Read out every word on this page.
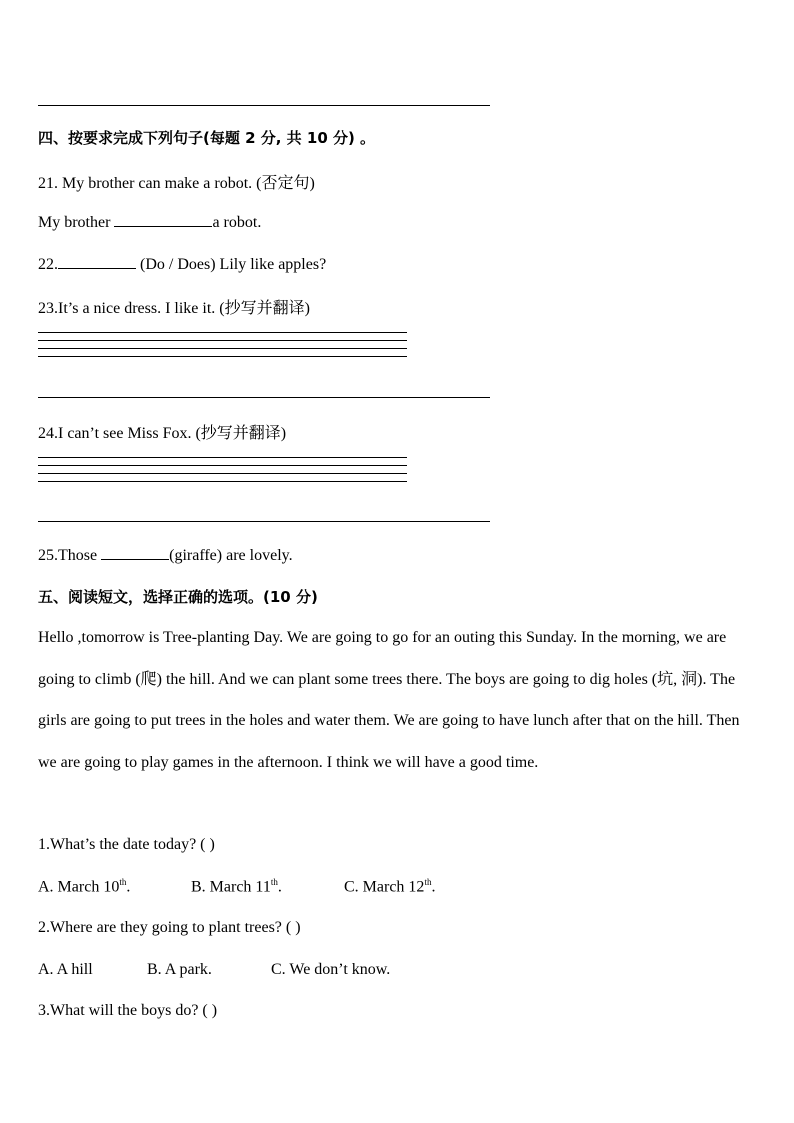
四、按要求完成下列句子(每题 2 分, 共 10 分) 。
21. My brother can make a robot. (否定句)
My brother	a robot.
22.	(Do / Does) Lily like apples?
23.It’s a nice dress. I like it. (抄写并翻译)
24.I can’t see Miss Fox. (抄写并翻译)
25.Those	(giraffe) are lovely.
五、阅读短文，选择正确的选项。(10 分)
Hello ,tomorrow is Tree-planting Day. We are going to go for an outing this Sunday. In the morning, we are going to climb (爬) the hill. And we can plant some trees there. The boys are going to dig holes (坑, 洞). The girls are going to put trees in the holes and water them. We are going to have lunch after that on the hill. Then we are going to play games in the afternoon. I think we will have a good time.
1.What’s the date today? ( )
A. March 10th.	B. March 11th.	C. March 12th.
2.Where are they going to plant trees? ( )
A. A hill	B. A park.	C. We don’t know.
3.What will the boys do? ( )
